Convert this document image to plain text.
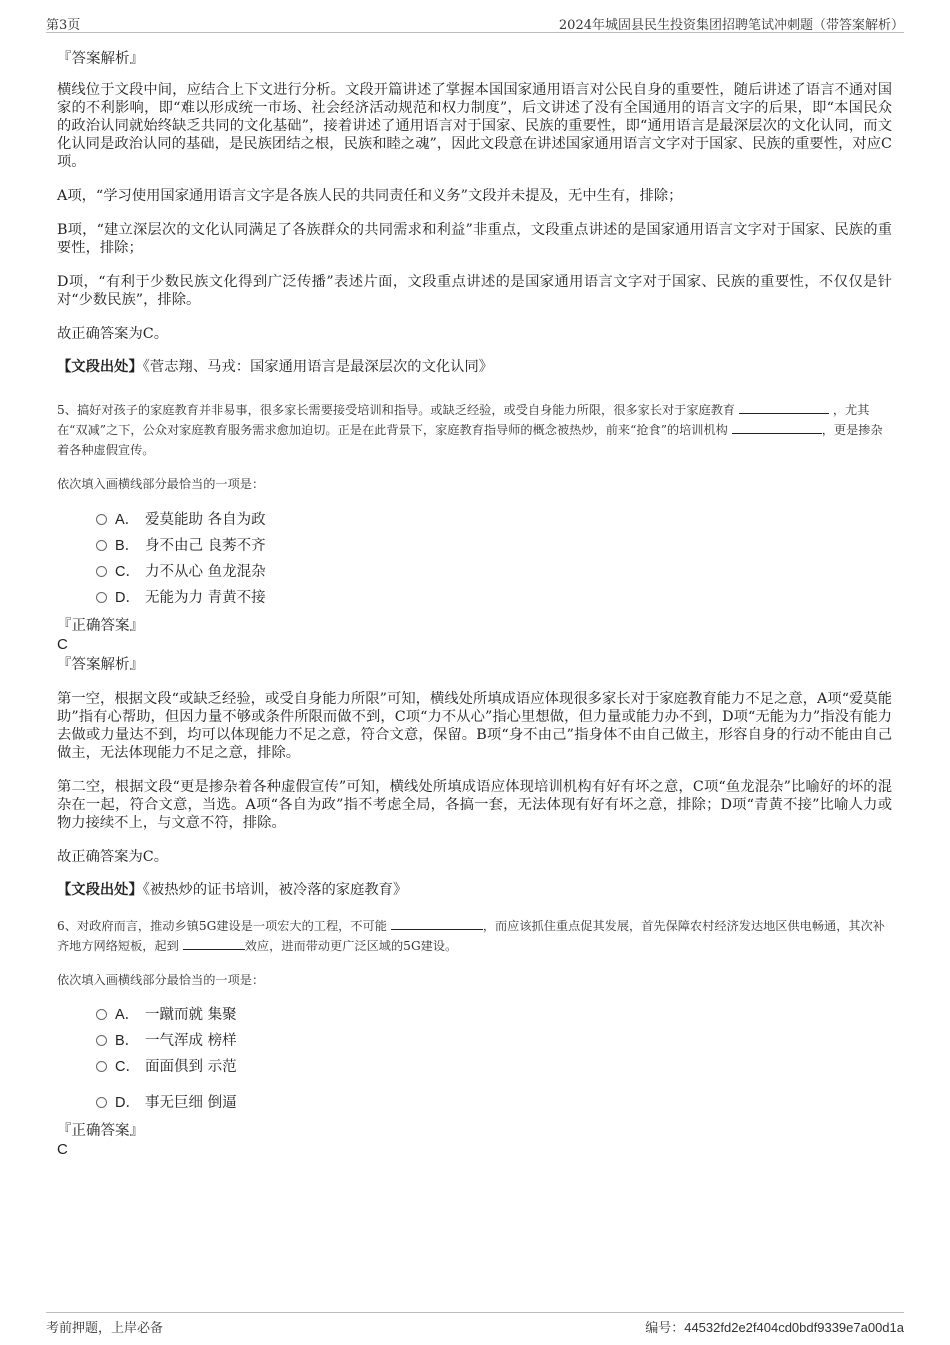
第3页	2024年城固县民生投资集团招聘笔试冲刺题（带答案解析）
『答案解析』

横线位于文段中间，应结合上下文进行分析。文段开篇讲述了掌握本国国家通用语言对公民自身的重要性，随后讲述了语言不通对国家的不利影响，即“难以形成统一市场、社会经济活动规范和权力制度”，后文讲述了没有全国通用的语言文字的后果，即“本国民众的政治认同就始终缺乏共同的文化基础”，接着讲述了通用语言对于国家、民族的重要性，即“通用语言是最深层次的文化认同，而文化认同是政治认同的基础，是民族团结之根，民族和睦之魂”，因此文段意在讲述国家通用语言文字对于国家、民族的重要性，对应C项。

A项，“学习使用国家通用语言文字是各族人民的共同责任和义务”文段并未提及，无中生有，排除；

B项，“建立深层次的文化认同满足了各族群众的共同需求和利益”非重点，文段重点讲述的是国家通用语言文字对于国家、民族的重要性，排除；

D项，“有利于少数民族文化得到广泛传播”表述片面，文段重点讲述的是国家通用语言文字对于国家、民族的重要性，不仅仅是针对“少数民族”，排除。

故正确答案为C。

【文段出处】《菅志翔、马戎：国家通用语言是最深层次的文化认同》

5、搞好对孩子的家庭教育并非易事，很多家长需要接受培训和指导。或缺乏经验，或受自身能力所限，很多家长对于家庭教育	，尤其在“双减”之下，公众对家庭教育服务需求愈加迫切。正是在此背景下，家庭教育指导师的概念被热炒，前来“抢食”的培训机构	，更是掺杂着各种虚假宣传。

依次填入画横线部分最恰当的一项是：

A． 爱莫能助 各自为政
B． 身不由己 良莠不齐
C． 力不从心 鱼龙混杂
D． 无能为力 青黄不接
『正确答案』
C
『答案解析』

第一空，根据文段“或缺乏经验，或受自身能力所限”可知，横线处所填成语应体现很多家长对于家庭教育能力不足之意，A项“爱莫能助”指有心帮助，但因力量不够或条件所限而做不到，C项“力不从心”指心里想做，但力量或能力办不到，D项“无能为力”指没有能力去做或力量达不到，均可以体现能力不足之意，符合文意，保留。B项“身不由己”指身体不由自己做主，形容自身的行动不能由自己做主，无法体现能力不足之意，排除。

第二空，根据文段“更是掺杂着各种虚假宣传”可知，横线处所填成语应体现培训机构有好有坏之意，C项“鱼龙混杂”比喻好的坏的混杂在一起，符合文意，当选。A项“各自为政”指不考虑全局，各搞一套，无法体现有好有坏之意，排除；D项“青黄不接”比喻人力或物力接续不上，与文意不符，排除。

故正确答案为C。

【文段出处】《被热炒的证书培训，被冷落的家庭教育》

6、对政府而言，推动乡镇5G建设是一项宏大的工程，不可能	，而应该抓住重点促其发展，首先保障农村经济发达地区供电畅通，其次补齐地方网络短板，起到	效应，进而带动更广泛区域的5G建设。

依次填入画横线部分最恰当的一项是：

A． 一蹴而就 集聚
B． 一气浑成 榜样
C． 面面俱到 示范
D． 事无巨细 倒逼
『正确答案』
C
考前押题，上岸必备	编号：44532fd2e2f404cd0bdf9339e7a00d1a
